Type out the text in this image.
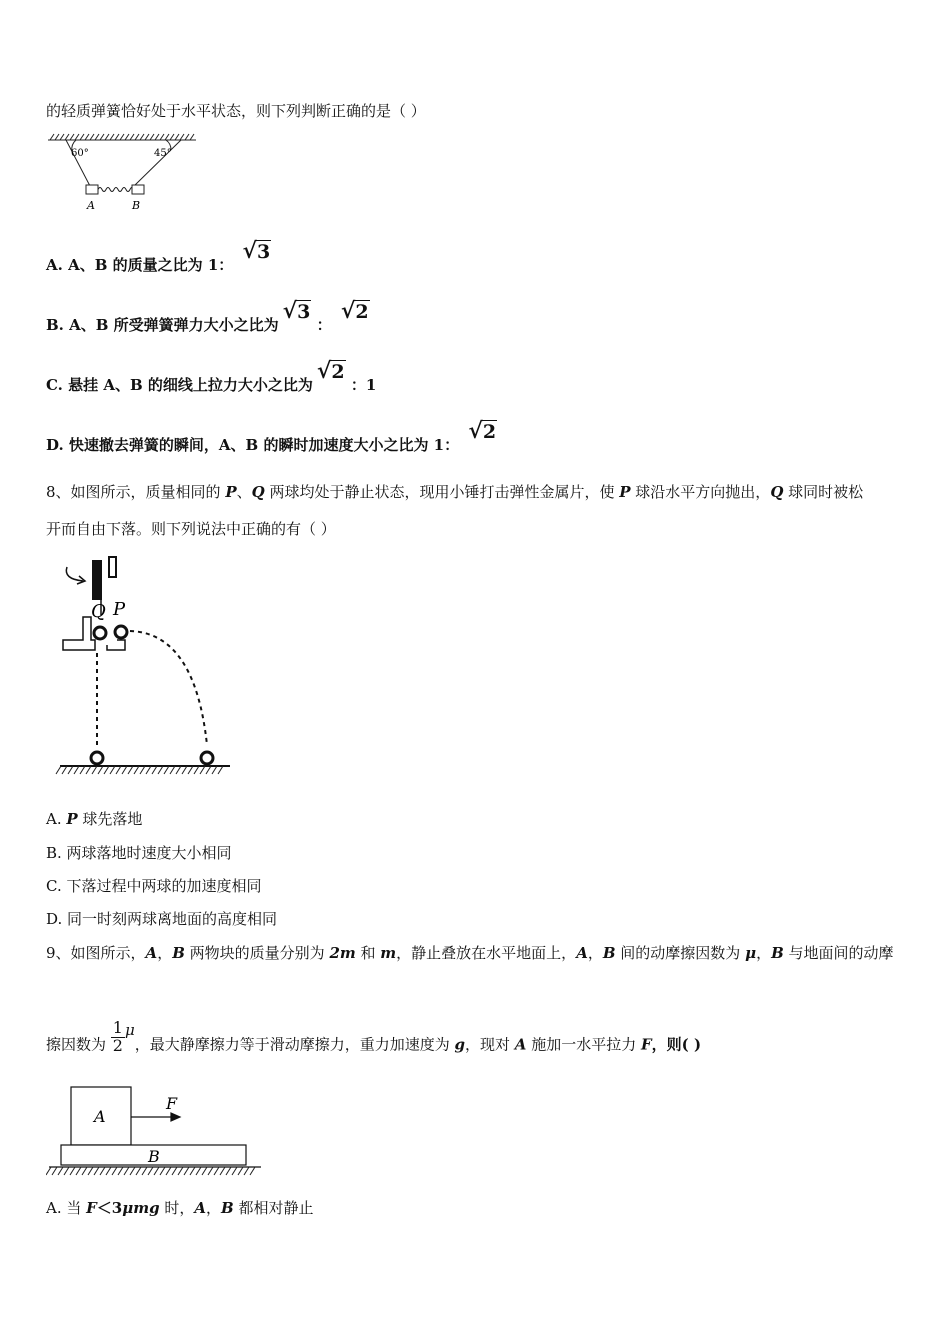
的轻质弹簧恰好处于水平状态，则下列判断正确的是（ ）
60°	45°
A	B
A. A、B 的质量之比为 1： √3
B. A、B 所受弹簧弹力大小之比为√3 ： √2
C. 悬挂 A、B 的细线上拉力大小之比为√2 ：1
D. 快速撤去弹簧的瞬间，A、B 的瞬时加速度大小之比为 1： √2
8、如图所示，质量相同的 P、Q 两球均处于静止状态，现用小锤打击弹性金属片，使 P 球沿水平方向抛出，Q 球同时被松
开而自由下落。则下列说法中正确的有（ ）
Q P
A. P 球先落地
B. 两球落地时速度大小相同
C. 下落过程中两球的加速度相同
D. 同一时刻两球离地面的高度相同
9、如图所示，A，B 两物块的质量分别为 2m 和 m，静止叠放在水平地面上，A，B 间的动摩擦因数为 μ，B 与地面间的动摩
擦因数为 $\frac{1}{2}$ μ，最大静摩擦力等于滑动摩擦力，重力加速度为 g，现对 A 施加一水平拉力 F，则( )
A
B
F
A. 当 F＜3μmg 时，A，B 都相对静止
